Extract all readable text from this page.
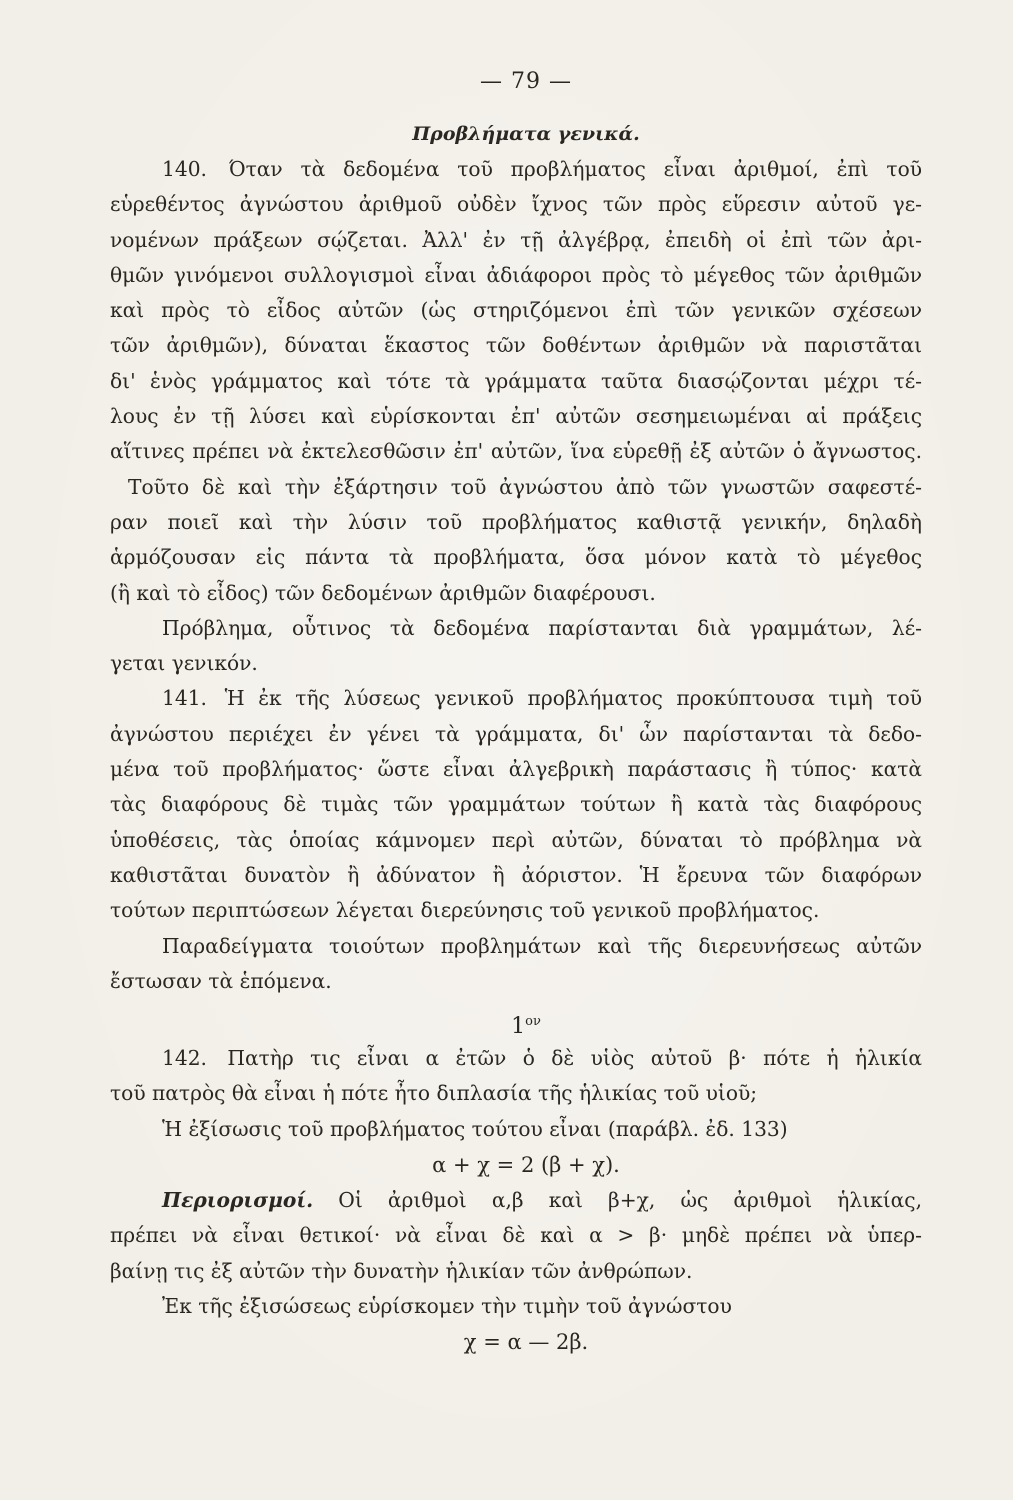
— 79 —
Προβλήματα γενικά.
140. Όταν τὰ δεδομένα τοῦ προβλήματος εἶναι ἀριθμοί, ἐπὶ τοῦ
εὑρεθέντος ἀγνώστου ἀριθμοῦ οὐδὲν ἴχνος τῶν πρὸς εὕρεσιν αὐτοῦ γε-
νομένων πράξεων σῴζεται. Ἀλλ' ἐν τῇ ἀλγέβρᾳ, ἐπειδὴ οἱ ἐπὶ τῶν ἀρι-
θμῶν γινόμενοι συλλογισμοὶ εἶναι ἀδιάφοροι πρὸς τὸ μέγεθος τῶν ἀριθμῶν
καὶ πρὸς τὸ εἶδος αὐτῶν (ὡς στηριζόμενοι ἐπὶ τῶν γενικῶν σχέσεων
τῶν ἀριθμῶν), δύναται ἕκαστος τῶν δοθέντων ἀριθμῶν νὰ παριστᾶται
δι' ἑνὸς γράμματος καὶ τότε τὰ γράμματα ταῦτα διασῴζονται μέχρι τέ-
λους ἐν τῇ λύσει καὶ εὑρίσκονται ἐπ' αὐτῶν σεσημειωμέναι αἱ πράξεις
αἵτινες πρέπει νὰ ἐκτελεσθῶσιν ἐπ' αὐτῶν, ἵνα εὑρεθῇ ἐξ αὐτῶν ὁ ἄγνωστος.
Τοῦτο δὲ καὶ τὴν ἐξάρτησιν τοῦ ἀγνώστου ἀπὸ τῶν γνωστῶν σαφεστέ-
ραν ποιεῖ καὶ τὴν λύσιν τοῦ προβλήματος καθιστᾷ γενικήν, δηλαδὴ
ἁρμόζουσαν εἰς πάντα τὰ προβλήματα, ὅσα μόνον κατὰ τὸ μέγεθος
(ἢ καὶ τὸ εἶδος) τῶν δεδομένων ἀριθμῶν διαφέρουσι.
Πρόβλημα, οὗτινος τὰ δεδομένα παρίστανται διὰ γραμμάτων, λέ-
γεται γενικόν.
141. Ἡ ἐκ τῆς λύσεως γενικοῦ προβλήματος προκύπτουσα τιμὴ τοῦ
ἀγνώστου περιέχει ἐν γένει τὰ γράμματα, δι' ὧν παρίστανται τὰ δεδο-
μένα τοῦ προβλήματος· ὥστε εἶναι ἀλγεβρικὴ παράστασις ἢ τύπος· κατὰ
τὰς διαφόρους δὲ τιμὰς τῶν γραμμάτων τούτων ἢ κατὰ τὰς διαφόρους
ὑποθέσεις, τὰς ὁποίας κάμνομεν περὶ αὐτῶν, δύναται τὸ πρόβλημα νὰ
καθιστᾶται δυνατὸν ἢ ἀδύνατον ἢ ἀόριστον. Ἡ ἔρευνα τῶν διαφόρων
τούτων περιπτώσεων λέγεται διερεύνησις τοῦ γενικοῦ προβλήματος.
Παραδείγματα τοιούτων προβλημάτων καὶ τῆς διερευνήσεως αὐτῶν
ἔστωσαν τὰ ἑπόμενα.
$1^{o\nu}$
142. Πατὴρ τις εἶναι α ἐτῶν ὁ δὲ υἱὸς αὐτοῦ β· πότε ἡ ἡλικία
τοῦ πατρὸς θὰ εἶναι ἡ πότε ἦτο διπλασία τῆς ἡλικίας τοῦ υἱοῦ;
Ἡ ἐξίσωσις τοῦ προβλήματος τούτου εἶναι (παράβλ. ἐδ. 133)
α + χ = 2 (β + χ).
Περιορισμοί. Οἱ ἀριθμοὶ α,β καὶ β+χ, ὡς ἀριθμοὶ ἡλικίας,
πρέπει νὰ εἶναι θετικοί· νὰ εἶναι δὲ καὶ α > β· μηδὲ πρέπει νὰ ὑπερ-
βαίνῃ τις ἐξ αὐτῶν τὴν δυνατὴν ἡλικίαν τῶν ἀνθρώπων.
Ἐκ τῆς ἐξισώσεως εὑρίσκομεν τὴν τιμὴν τοῦ ἀγνώστου
χ = α — 2β.
